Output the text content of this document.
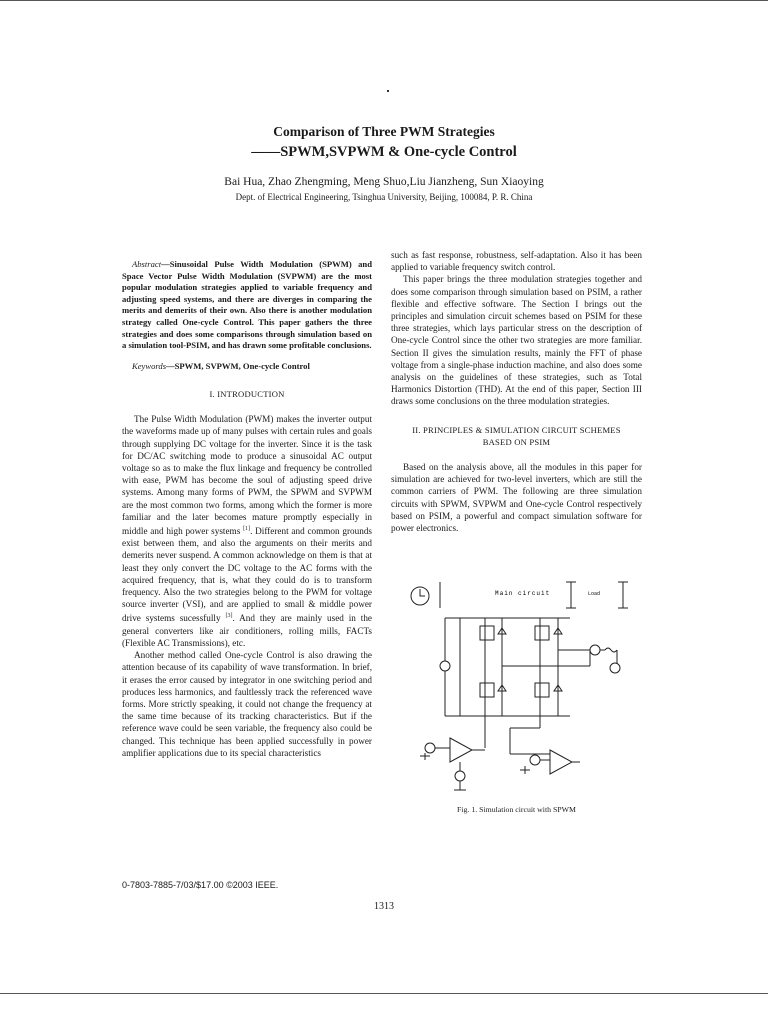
Comparison of Three PWM Strategies
——SPWM,SVPWM & One-cycle Control
Bai Hua, Zhao Zhengming, Meng Shuo,Liu Jianzheng, Sun Xiaoying
Dept. of Electrical Engineering, Tsinghua University, Beijing, 100084, P. R. China

Abstract—Sinusoidal Pulse Width Modulation (SPWM) and Space Vector Pulse Width Modulation (SVPWM) are the most popular modulation strategies applied to variable frequency and adjusting speed systems, and there are diverges in comparing the merits and demerits of their own. Also there is another modulation strategy called One-cycle Control. This paper gathers the three strategies and does some comparisons through simulation based on a simulation tool-PSIM, and has drawn some profitable conclusions.

Keywords—SPWM, SVPWM, One-cycle Control

I. INTRODUCTION

The Pulse Width Modulation (PWM) makes the inverter output the waveforms made up of many pulses with certain rules and goals through supplying DC voltage for the inverter. Since it is the task for DC/AC switching mode to produce a sinusoidal AC output voltage so as to make the flux linkage and frequency be controlled with ease, PWM has become the soul of adjusting speed drive systems. Among many forms of PWM, the SPWM and SVPWM are the most common two forms, among which the former is more familiar and the later becomes mature promptly especially in middle and high power systems [1]. Different and common grounds exist between them, and also the arguments on their merits and demerits never suspend. A common acknowledge on them is that at least they only convert the DC voltage to the AC forms with the acquired frequency, that is, what they could do is to transform frequency. Also the two strategies belong to the PWM for voltage source inverter (VSI), and are applied to small & middle power drive systems sucessfully [3]. And they are mainly used in the general converters like air conditioners, rolling mills, FACTs (Flexible AC Transmissions), etc.

Another method called One-cycle Control is also drawing the attention because of its capability of wave transformation. In brief, it erases the error caused by integrator in one switching period and produces less harmonics, and faultlessly track the referenced wave forms. More strictly speaking, it could not change the frequency at the same time because of its tracking characteristics. But if the reference wave could be seen variable, the frequency also could be changed. This technique has been applied successfully in power amplifier applications due to its special characteristics

such as fast response, robustness, self-adaptation. Also it has been applied to variable frequency switch control.

This paper brings the three modulation strategies together and does some comparison through simulation based on PSIM, a rather flexible and effective software. The Section I brings out the principles and simulation circuit schemes based on PSIM for these three strategies, which lays particular stress on the description of One-cycle Control since the other two strategies are more familiar. Section II gives the simulation results, mainly the FFT of phase voltage from a single-phase induction machine, and also does some analysis on the guidelines of these strategies, such as Total Harmonics Distortion (THD). At the end of this paper, Section III draws some conclusions on the three modulation strategies.

II. PRINCIPLES & SIMULATION CIRCUIT SCHEMES
BASED ON PSIM

Based on the analysis above, all the modules in this paper for simulation are achieved for two-level inverters, which are still the common carriers of PWM. The following are three simulation circuits with SPWM, SVPWM and One-cycle Control respectively based on PSIM, a powerful and compact simulation software for power electronics.

Main circuit	Load
Fig. 1. Simulation circuit with SPWM
0-7803-7885-7/03/$17.00 ©2003 IEEE.
1313
